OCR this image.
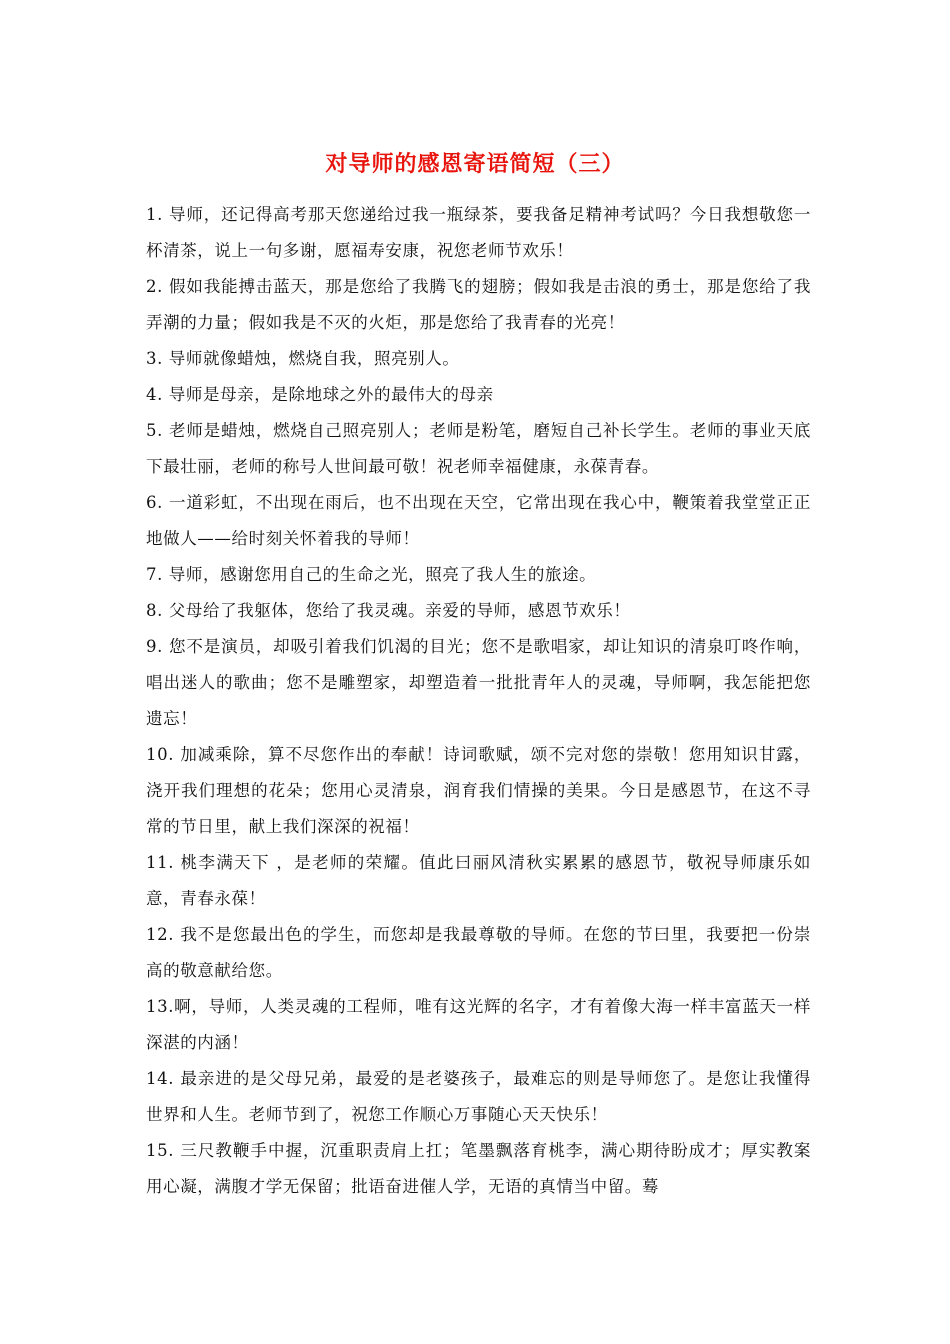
对导师的感恩寄语简短（三）

1. 导师，还记得高考那天您递给过我一瓶绿茶，要我备足精神考试吗？今日我想敬您一杯清茶，说上一句多谢，愿福寿安康，祝您老师节欢乐！

2. 假如我能搏击蓝天，那是您给了我腾飞的翅膀；假如我是击浪的勇士，那是您给了我弄潮的力量；假如我是不灭的火炬，那是您给了我青春的光亮！

3. 导师就像蜡烛，燃烧自我，照亮别人。

4. 导师是母亲，是除地球之外的最伟大的母亲

5. 老师是蜡烛，燃烧自己照亮别人；老师是粉笔，磨短自己补长学生。老师的事业天底下最壮丽，老师的称号人世间最可敬！祝老师幸福健康，永葆青春。

6. 一道彩虹，不出现在雨后，也不出现在天空，它常出现在我心中，鞭策着我堂堂正正地做人——给时刻关怀着我的导师！

7. 导师，感谢您用自己的生命之光，照亮了我人生的旅途。

8. 父母给了我躯体，您给了我灵魂。亲爱的导师，感恩节欢乐！

9. 您不是演员，却吸引着我们饥渴的目光；您不是歌唱家，却让知识的清泉叮咚作响，唱出迷人的歌曲；您不是雕塑家，却塑造着一批批青年人的灵魂，导师啊，我怎能把您遗忘！

10. 加减乘除，算不尽您作出的奉献！诗词歌赋，颂不完对您的崇敬！您用知识甘露，浇开我们理想的花朵；您用心灵清泉，润育我们情操的美果。今日是感恩节，在这不寻常的节日里，献上我们深深的祝福！

11. 桃李满天下 ，是老师的荣耀。值此曰丽风清秋实累累的感恩节，敬祝导师康乐如意，青春永葆！

12. 我不是您最出色的学生，而您却是我最尊敬的导师。在您的节曰里，我要把一份崇高的敬意献给您。

13.啊，导师，人类灵魂的工程师，唯有这光辉的名字，才有着像大海一样丰富蓝天一样深湛的内涵！

14. 最亲进的是父母兄弟，最爱的是老婆孩子，最难忘的则是导师您了。是您让我懂得世界和人生。老师节到了，祝您工作顺心万事随心天天快乐！

15. 三尺教鞭手中握，沉重职责肩上扛；笔墨飘落育桃李，满心期待盼成才；厚实教案用心凝，满腹才学无保留；批语奋进催人学，无语的真情当中留。蓦
